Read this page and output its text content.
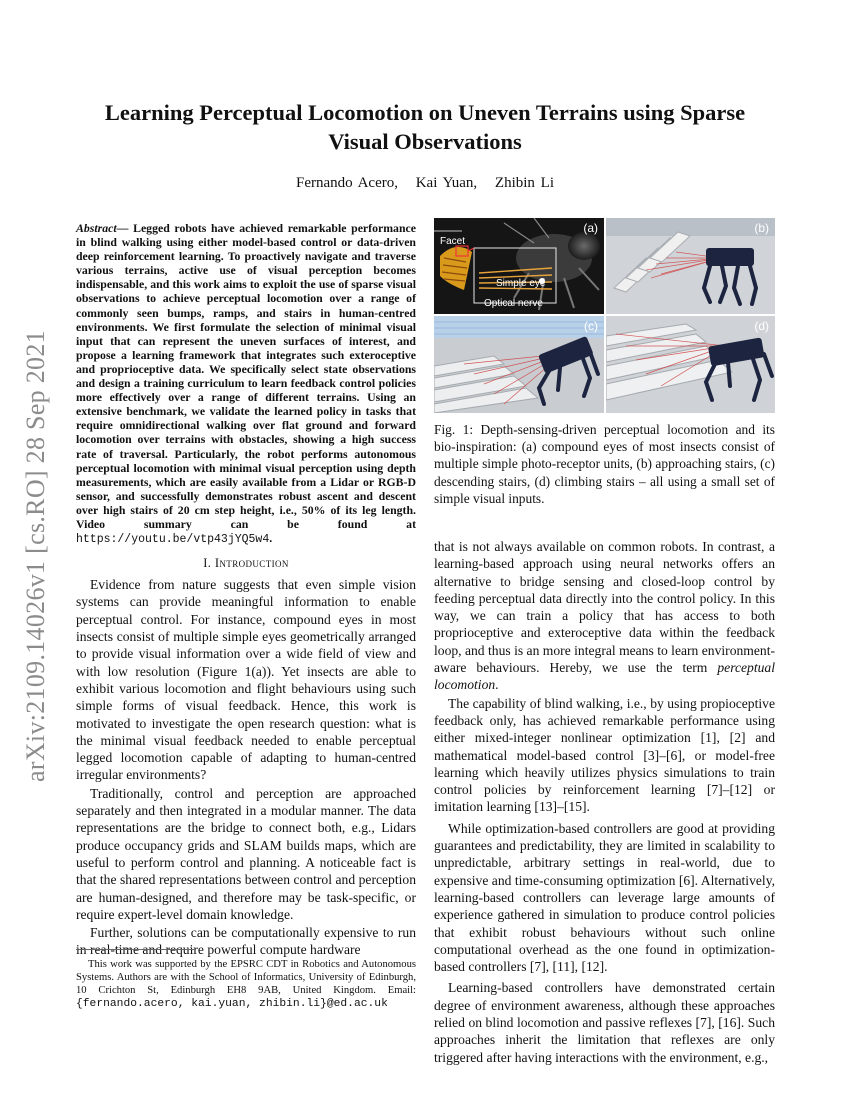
arXiv:2109.14026v1 [cs.RO] 28 Sep 2021
Learning Perceptual Locomotion on Uneven Terrains using Sparse Visual Observations
Fernando Acero, Kai Yuan, Zhibin Li

Abstract— Legged robots have achieved remarkable performance in blind walking using either model-based control or data-driven deep reinforcement learning. To proactively navigate and traverse various terrains, active use of visual perception becomes indispensable, and this work aims to exploit the use of sparse visual observations to achieve perceptual locomotion over a range of commonly seen bumps, ramps, and stairs in human-centred environments. We first formulate the selection of minimal visual input that can represent the uneven surfaces of interest, and propose a learning framework that integrates such exteroceptive and proprioceptive data. We specifically select state observations and design a training curriculum to learn feedback control policies more effectively over a range of different terrains. Using an extensive benchmark, we validate the learned policy in tasks that require omnidirectional walking over flat ground and forward locomotion over terrains with obstacles, showing a high success rate of traversal. Particularly, the robot performs autonomous perceptual locomotion with minimal visual perception using depth measurements, which are easily available from a Lidar or RGB-D sensor, and successfully demonstrates robust ascent and descent over high stairs of 20 cm step height, i.e., 50% of its leg length. Video summary can be found at https://youtu.be/vtp43jYQ5w4.

I. Introduction

Evidence from nature suggests that even simple vision systems can provide meaningful information to enable perceptual control. For instance, compound eyes in most insects consist of multiple simple eyes geometrically arranged to provide visual information over a wide field of view and with low resolution (Figure 1(a)). Yet insects are able to exhibit various locomotion and flight behaviours using such simple forms of visual feedback. Hence, this work is motivated to investigate the open research question: what is the minimal visual feedback needed to enable perceptual legged locomotion capable of adapting to human-centred irregular environments?

Traditionally, control and perception are approached separately and then integrated in a modular manner. The data representations are the bridge to connect both, e.g., Lidars produce occupancy grids and SLAM builds maps, which are useful to perform control and planning. A noticeable fact is that the shared representations between control and perception are human-designed, and therefore may be task-specific, or require expert-level domain knowledge.

Further, solutions can be computationally expensive to run in real-time and require powerful compute hardware

This work was supported by the EPSRC CDT in Robotics and Autonomous Systems. Authors are with the School of Informatics, University of Edinburgh, 10 Crichton St, Edinburgh EH8 9AB, United Kingdom. Email: {fernando.acero, kai.yuan, zhibin.li}@ed.ac.uk

Facet
Simple eye
Optical nerve
(a)	(b)
(c)	(d)

Fig. 1: Depth-sensing-driven perceptual locomotion and its bio-inspiration: (a) compound eyes of most insects consist of multiple simple photo-receptor units, (b) approaching stairs, (c) descending stairs, (d) climbing stairs – all using a small set of simple visual inputs.

that is not always available on common robots. In contrast, a learning-based approach using neural networks offers an alternative to bridge sensing and closed-loop control by feeding perceptual data directly into the control policy. In this way, we can train a policy that has access to both proprioceptive and exteroceptive data within the feedback loop, and thus is an more integral means to learn environment-aware behaviours. Hereby, we use the term perceptual locomotion.

The capability of blind walking, i.e., by using propioceptive feedback only, has achieved remarkable performance using either mixed-integer nonlinear optimization [1], [2] and mathematical model-based control [3]–[6], or model-free learning which heavily utilizes physics simulations to train control policies by reinforcement learning [7]–[12] or imitation learning [13]–[15].

While optimization-based controllers are good at providing guarantees and predictability, they are limited in scalability to unpredictable, arbitrary settings in real-world, due to expensive and time-consuming optimization [6]. Alternatively, learning-based controllers can leverage large amounts of experience gathered in simulation to produce control policies that exhibit robust behaviours without such online computational overhead as the one found in optimization-based controllers [7], [11], [12].

Learning-based controllers have demonstrated certain degree of environment awareness, although these approaches relied on blind locomotion and passive reflexes [7], [16]. Such approaches inherit the limitation that reflexes are only triggered after having interactions with the environment, e.g.,
